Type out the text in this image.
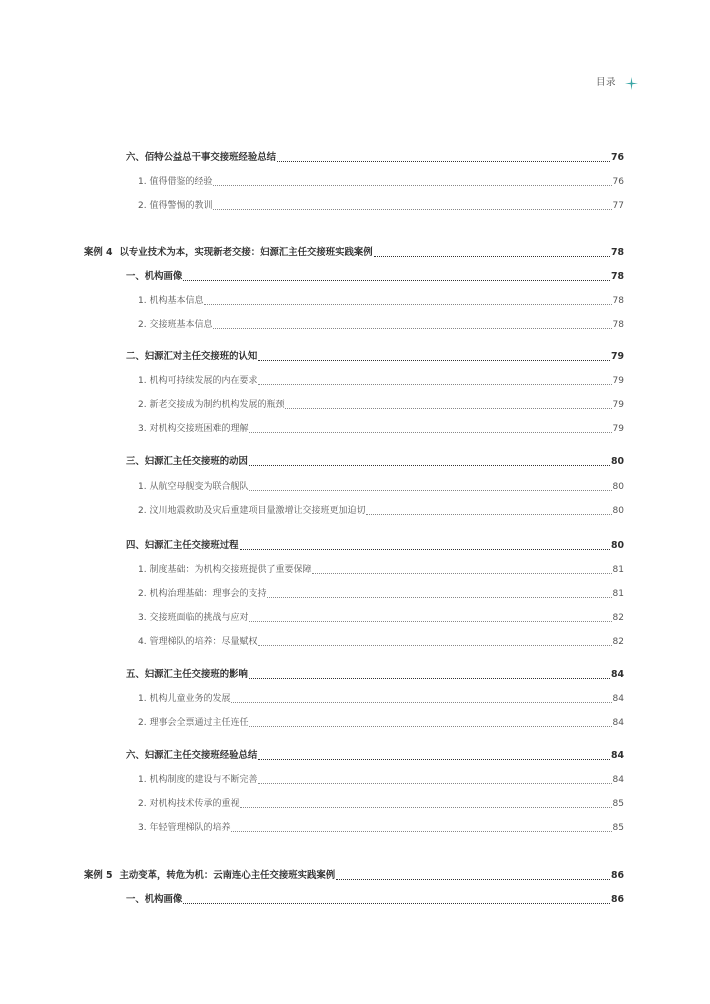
目录
六、佰特公益总干事交接班经验总结	76
1. 值得借鉴的经验	76
2. 值得警惕的教训	77
案例 4 以专业技术为本，实现新老交接：妇源汇主任交接班实践案例	78
一、机构画像	78
1. 机构基本信息	78
2. 交接班基本信息	78
二、妇源汇对主任交接班的认知	79
1. 机构可持续发展的内在要求	79
2. 新老交接成为制约机构发展的瓶颈	79
3. 对机构交接班困难的理解	79
三、妇源汇主任交接班的动因	80
1. 从航空母舰变为联合舰队	80
2. 汶川地震救助及灾后重建项目量激增让交接班更加迫切	80
四、妇源汇主任交接班过程	80
1. 制度基础：为机构交接班提供了重要保障	81
2. 机构治理基础：理事会的支持	81
3. 交接班面临的挑战与应对	82
4. 管理梯队的培养：尽量赋权	82
五、妇源汇主任交接班的影响	84
1. 机构儿童业务的发展	84
2. 理事会全票通过主任连任	84
六、妇源汇主任交接班经验总结	84
1. 机构制度的建设与不断完善	84
2. 对机构技术传承的重视	85
3. 年轻管理梯队的培养	85
案例 5 主动变革，转危为机：云南连心主任交接班实践案例	86
一、机构画像	86
